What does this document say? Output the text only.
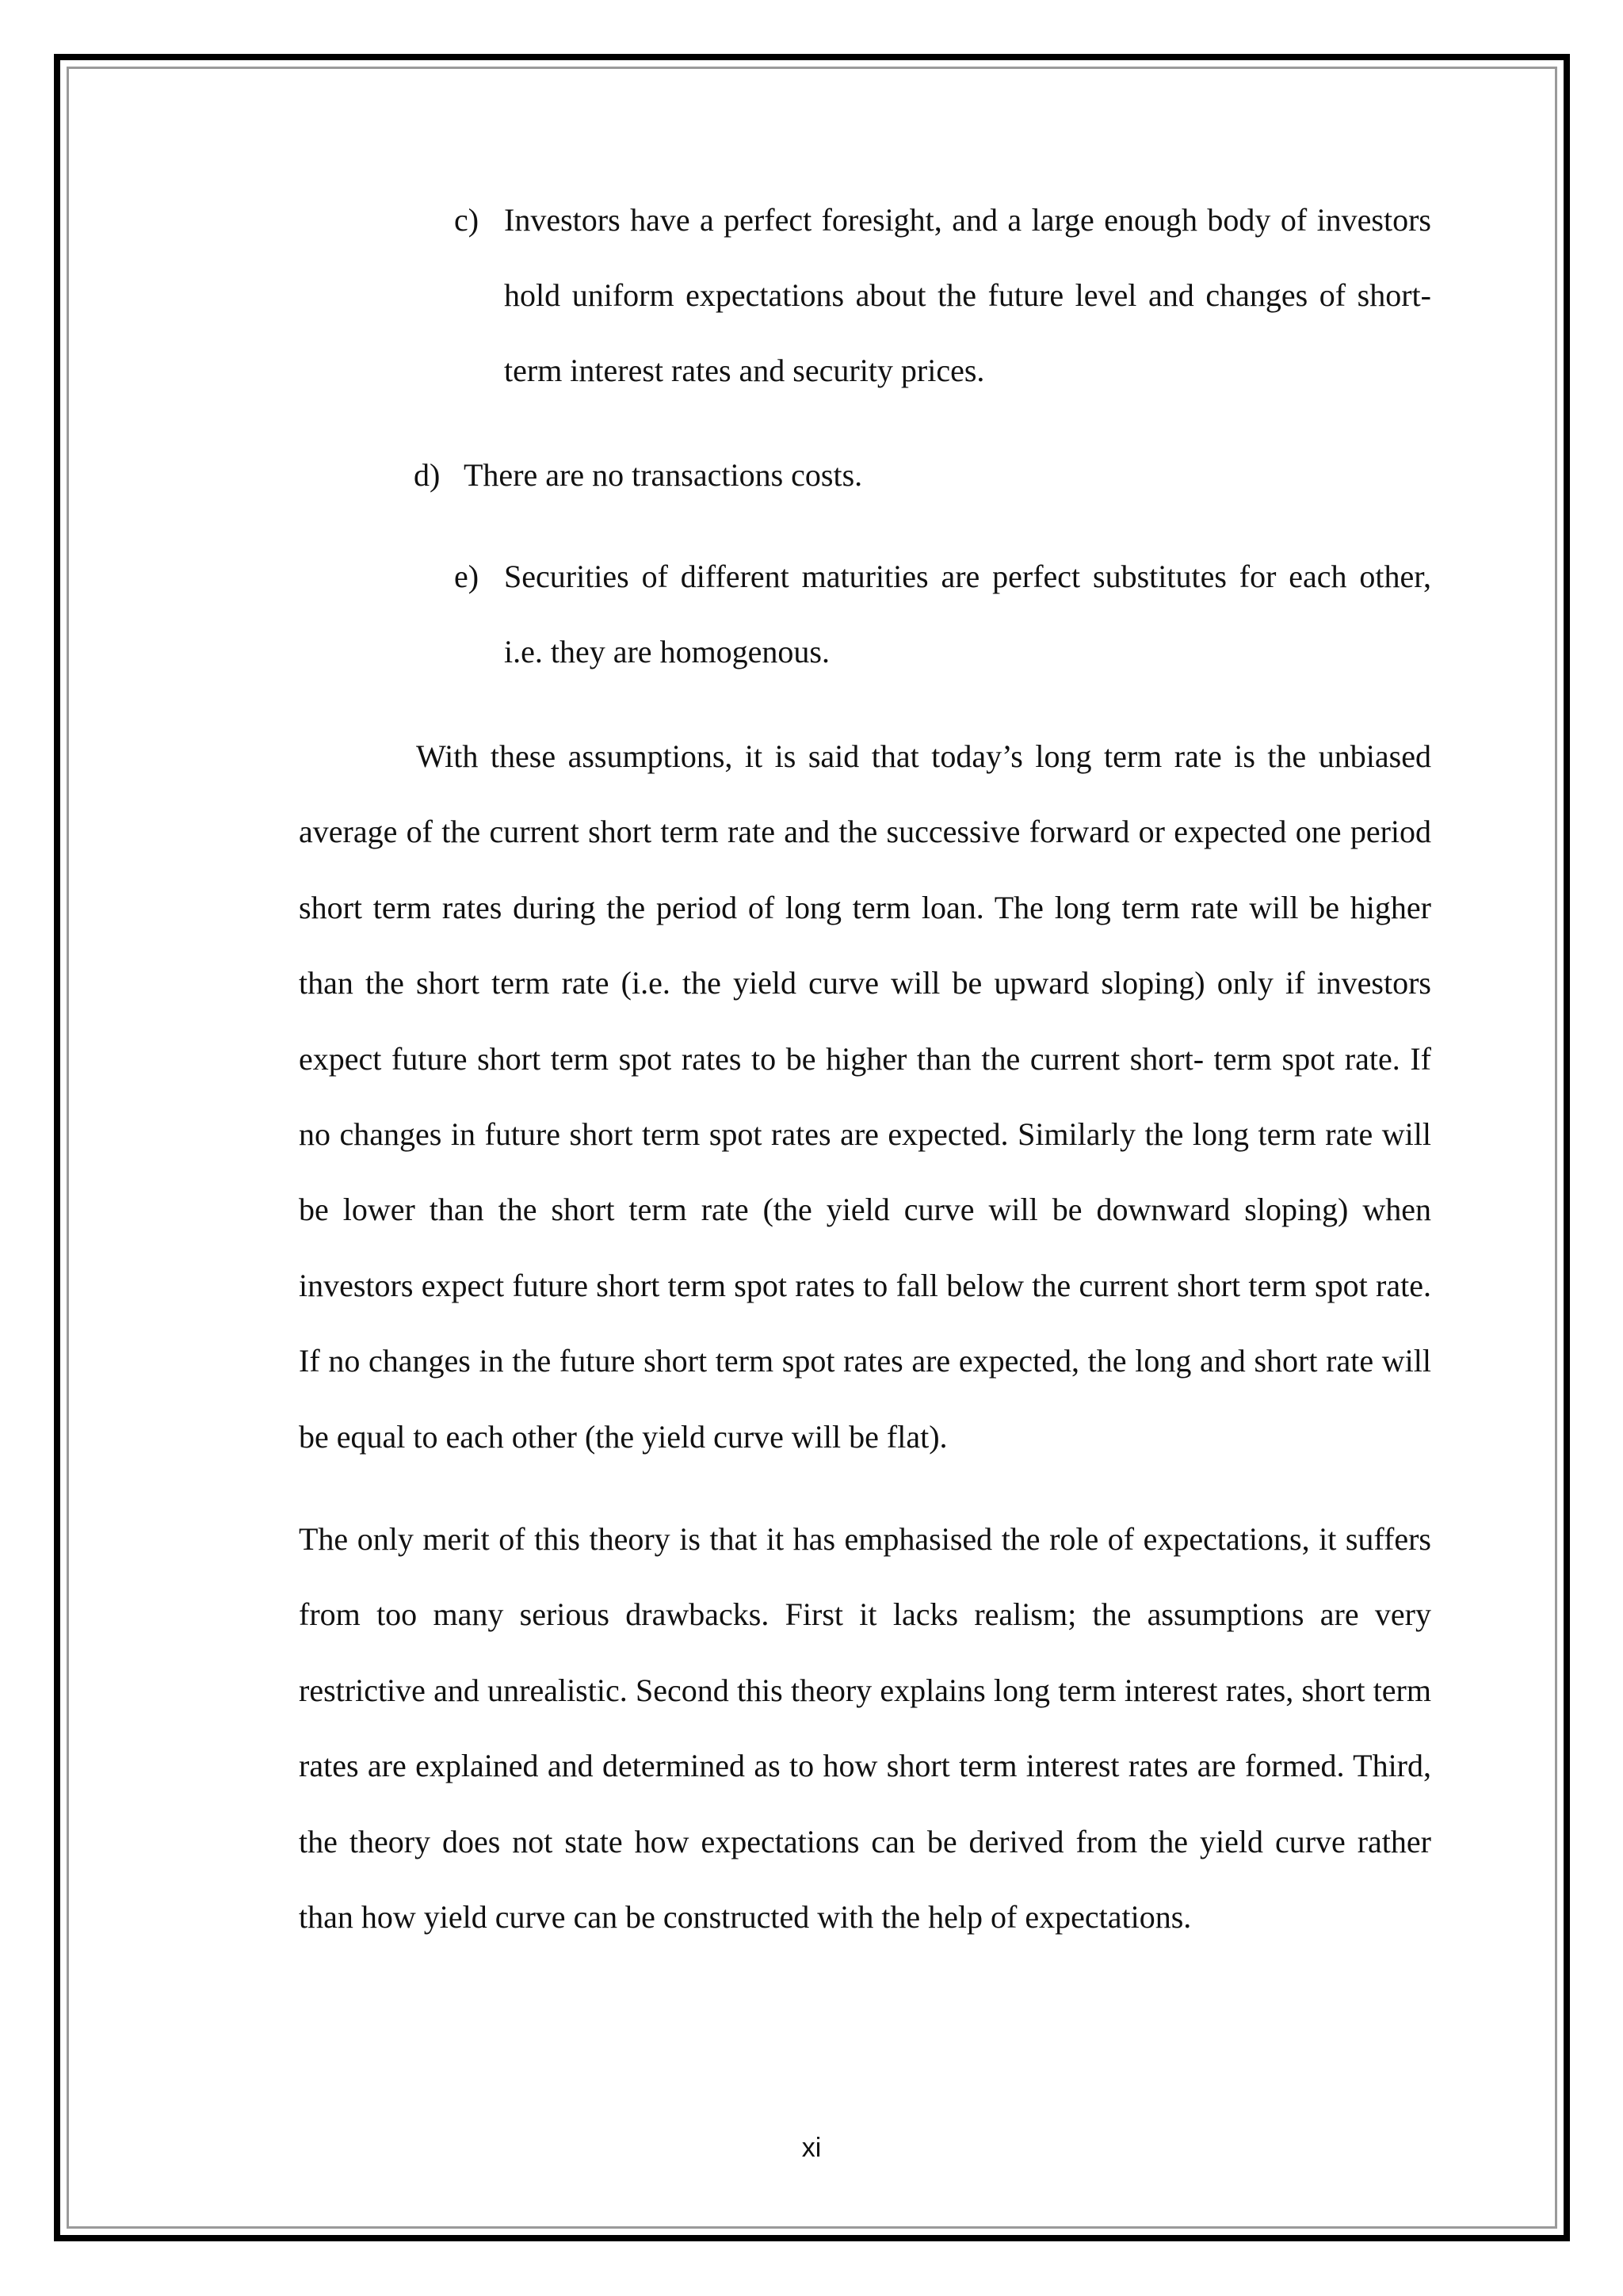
c) Investors have a perfect foresight, and a large enough body of investors hold uniform expectations about the future level and changes of short- term interest rates and security prices.
d) There are no transactions costs.
e) Securities of different maturities are perfect substitutes for each other, i.e. they are homogenous.

With these assumptions, it is said that today’s long term rate is the unbiased average of the current short term rate and the successive forward or expected one period short term rates during the period of long term loan. The long term rate will be higher than the short term rate (i.e. the yield curve will be upward sloping) only if investors expect future short term spot rates to be higher than the current short- term spot rate. If no changes in future short term spot rates are expected. Similarly the long term rate will be lower than the short term rate (the yield curve will be downward sloping) when investors expect future short term spot rates to fall below the current short term spot rate. If no changes in the future short term spot rates are expected, the long and short rate will be equal to each other (the yield curve will be flat).

The only merit of this theory is that it has emphasised the role of expectations, it suffers from too many serious drawbacks. First it lacks realism; the assumptions are very restrictive and unrealistic. Second this theory explains long term interest rates, short term rates are explained and determined as to how short term interest rates are formed. Third, the theory does not state how expectations can be derived from the yield curve rather than how yield curve can be constructed with the help of expectations.

xi
